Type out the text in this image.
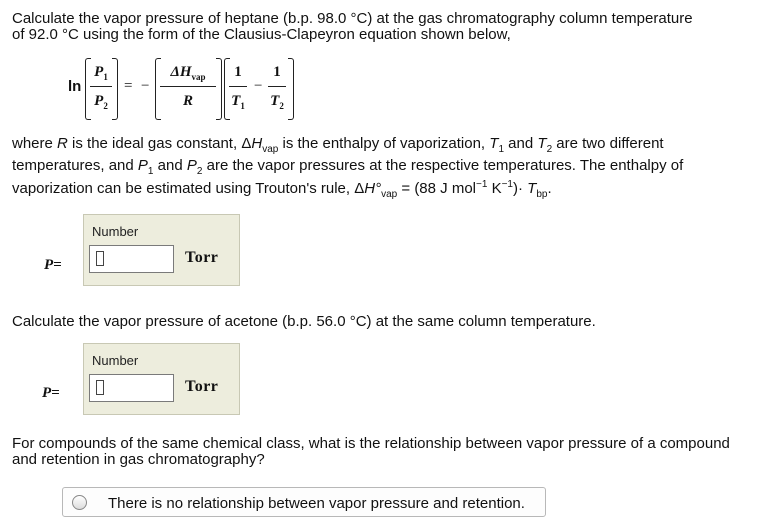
Calculate the vapor pressure of heptane (b.p. 98.0 °C) at the gas chromatography column temperature
of 92.0 °C using the form of the Clausius-Clapeyron equation shown below,
ln
$P_1$
$P_2$
= −
$\Delta H_{vap}$
R
1
$T_1$
−
1
$T_2$
where R is the ideal gas constant, $\Delta H_{vap}$ is the enthalpy of vaporization, $T_1$ and $T_2$ are two different
temperatures, and $P_1$ and $P_2$ are the vapor pressures at the respective temperatures. The enthalpy of
vaporization can be estimated using Trouton's rule, $\Delta H^\circ_{vap} = (88$ J mol$^{-1}$ $K^{-1})\cdot T_{bp}$.
P=
Number
Torr
Calculate the vapor pressure of acetone (b.p. 56.0 °C) at the same column temperature.
P=
Number
Torr
For compounds of the same chemical class, what is the relationship between vapor pressure of a compound
and retention in gas chromatography?
There is no relationship between vapor pressure and retention.
